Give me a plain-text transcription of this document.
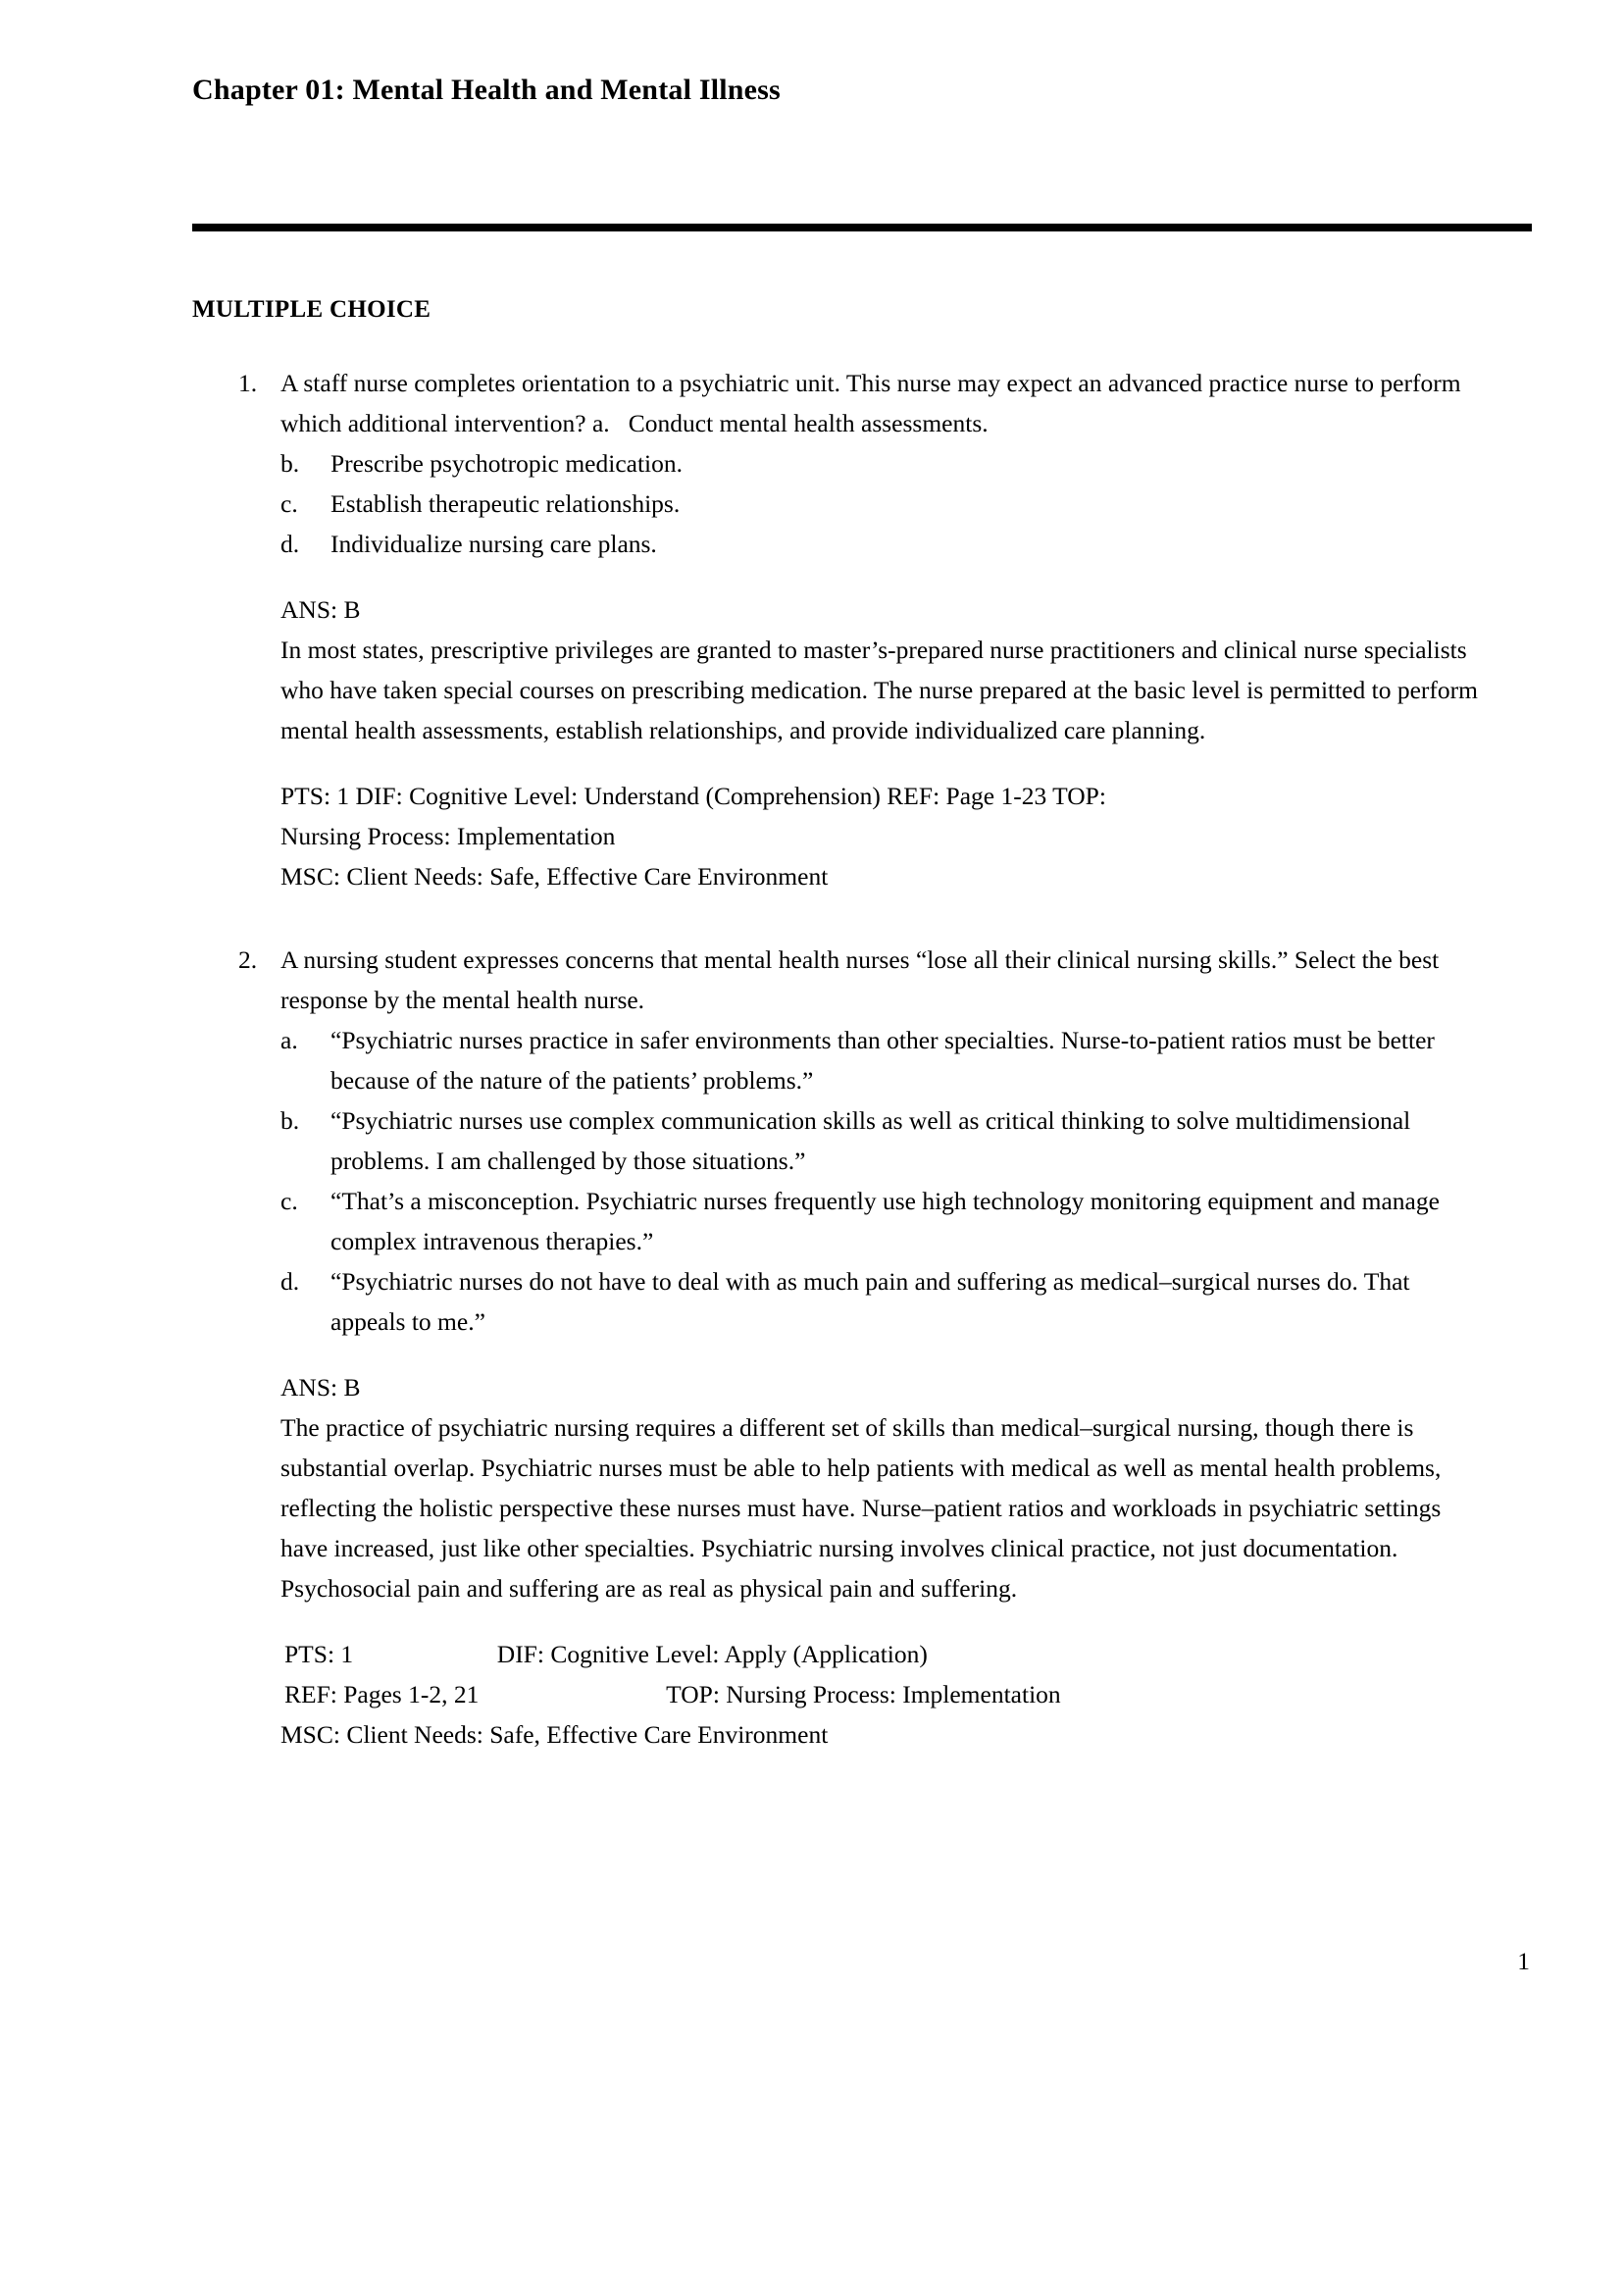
Chapter 01: Mental Health and Mental Illness
MULTIPLE CHOICE
1. A staff nurse completes orientation to a psychiatric unit. This nurse may expect an advanced practice nurse to perform which additional intervention? a.  Conduct mental health assessments.
b.	Prescribe psychotropic medication.
c.	Establish therapeutic relationships.
d.	Individualize nursing care plans.
ANS: B
In most states, prescriptive privileges are granted to master’s-prepared nurse practitioners and clinical nurse specialists who have taken special courses on prescribing medication. The nurse prepared at the basic level is permitted to perform mental health assessments, establish relationships, and provide individualized care planning.
PTS: 1 DIF: Cognitive Level: Understand (Comprehension) REF: Page 1-23 TOP:
Nursing Process: Implementation
MSC: Client Needs: Safe, Effective Care Environment
2. A nursing student expresses concerns that mental health nurses “lose all their clinical nursing skills.” Select the best response by the mental health nurse.
a.	“Psychiatric nurses practice in safer environments than other specialties. Nurse-to-patient ratios must be better because of the nature of the patients’ problems.”
b.	“Psychiatric nurses use complex communication skills as well as critical thinking to solve multidimensional problems. I am challenged by those situations.”
c.	“That’s a misconception. Psychiatric nurses frequently use high technology monitoring equipment and manage complex intravenous therapies.”
d.	“Psychiatric nurses do not have to deal with as much pain and suffering as medical–surgical nurses do. That appeals to me.”
ANS: B
The practice of psychiatric nursing requires a different set of skills than medical–surgical nursing, though there is substantial overlap. Psychiatric nurses must be able to help patients with medical as well as mental health problems, reflecting the holistic perspective these nurses must have. Nurse–patient ratios and workloads in psychiatric settings have increased, just like other specialties. Psychiatric nursing involves clinical practice, not just documentation. Psychosocial pain and suffering are as real as physical pain and suffering.
PTS: 1                       DIF: Cognitive Level: Apply (Application)
REF: Pages 1-2, 21                              TOP: Nursing Process: Implementation
MSC: Client Needs: Safe, Effective Care Environment
1
